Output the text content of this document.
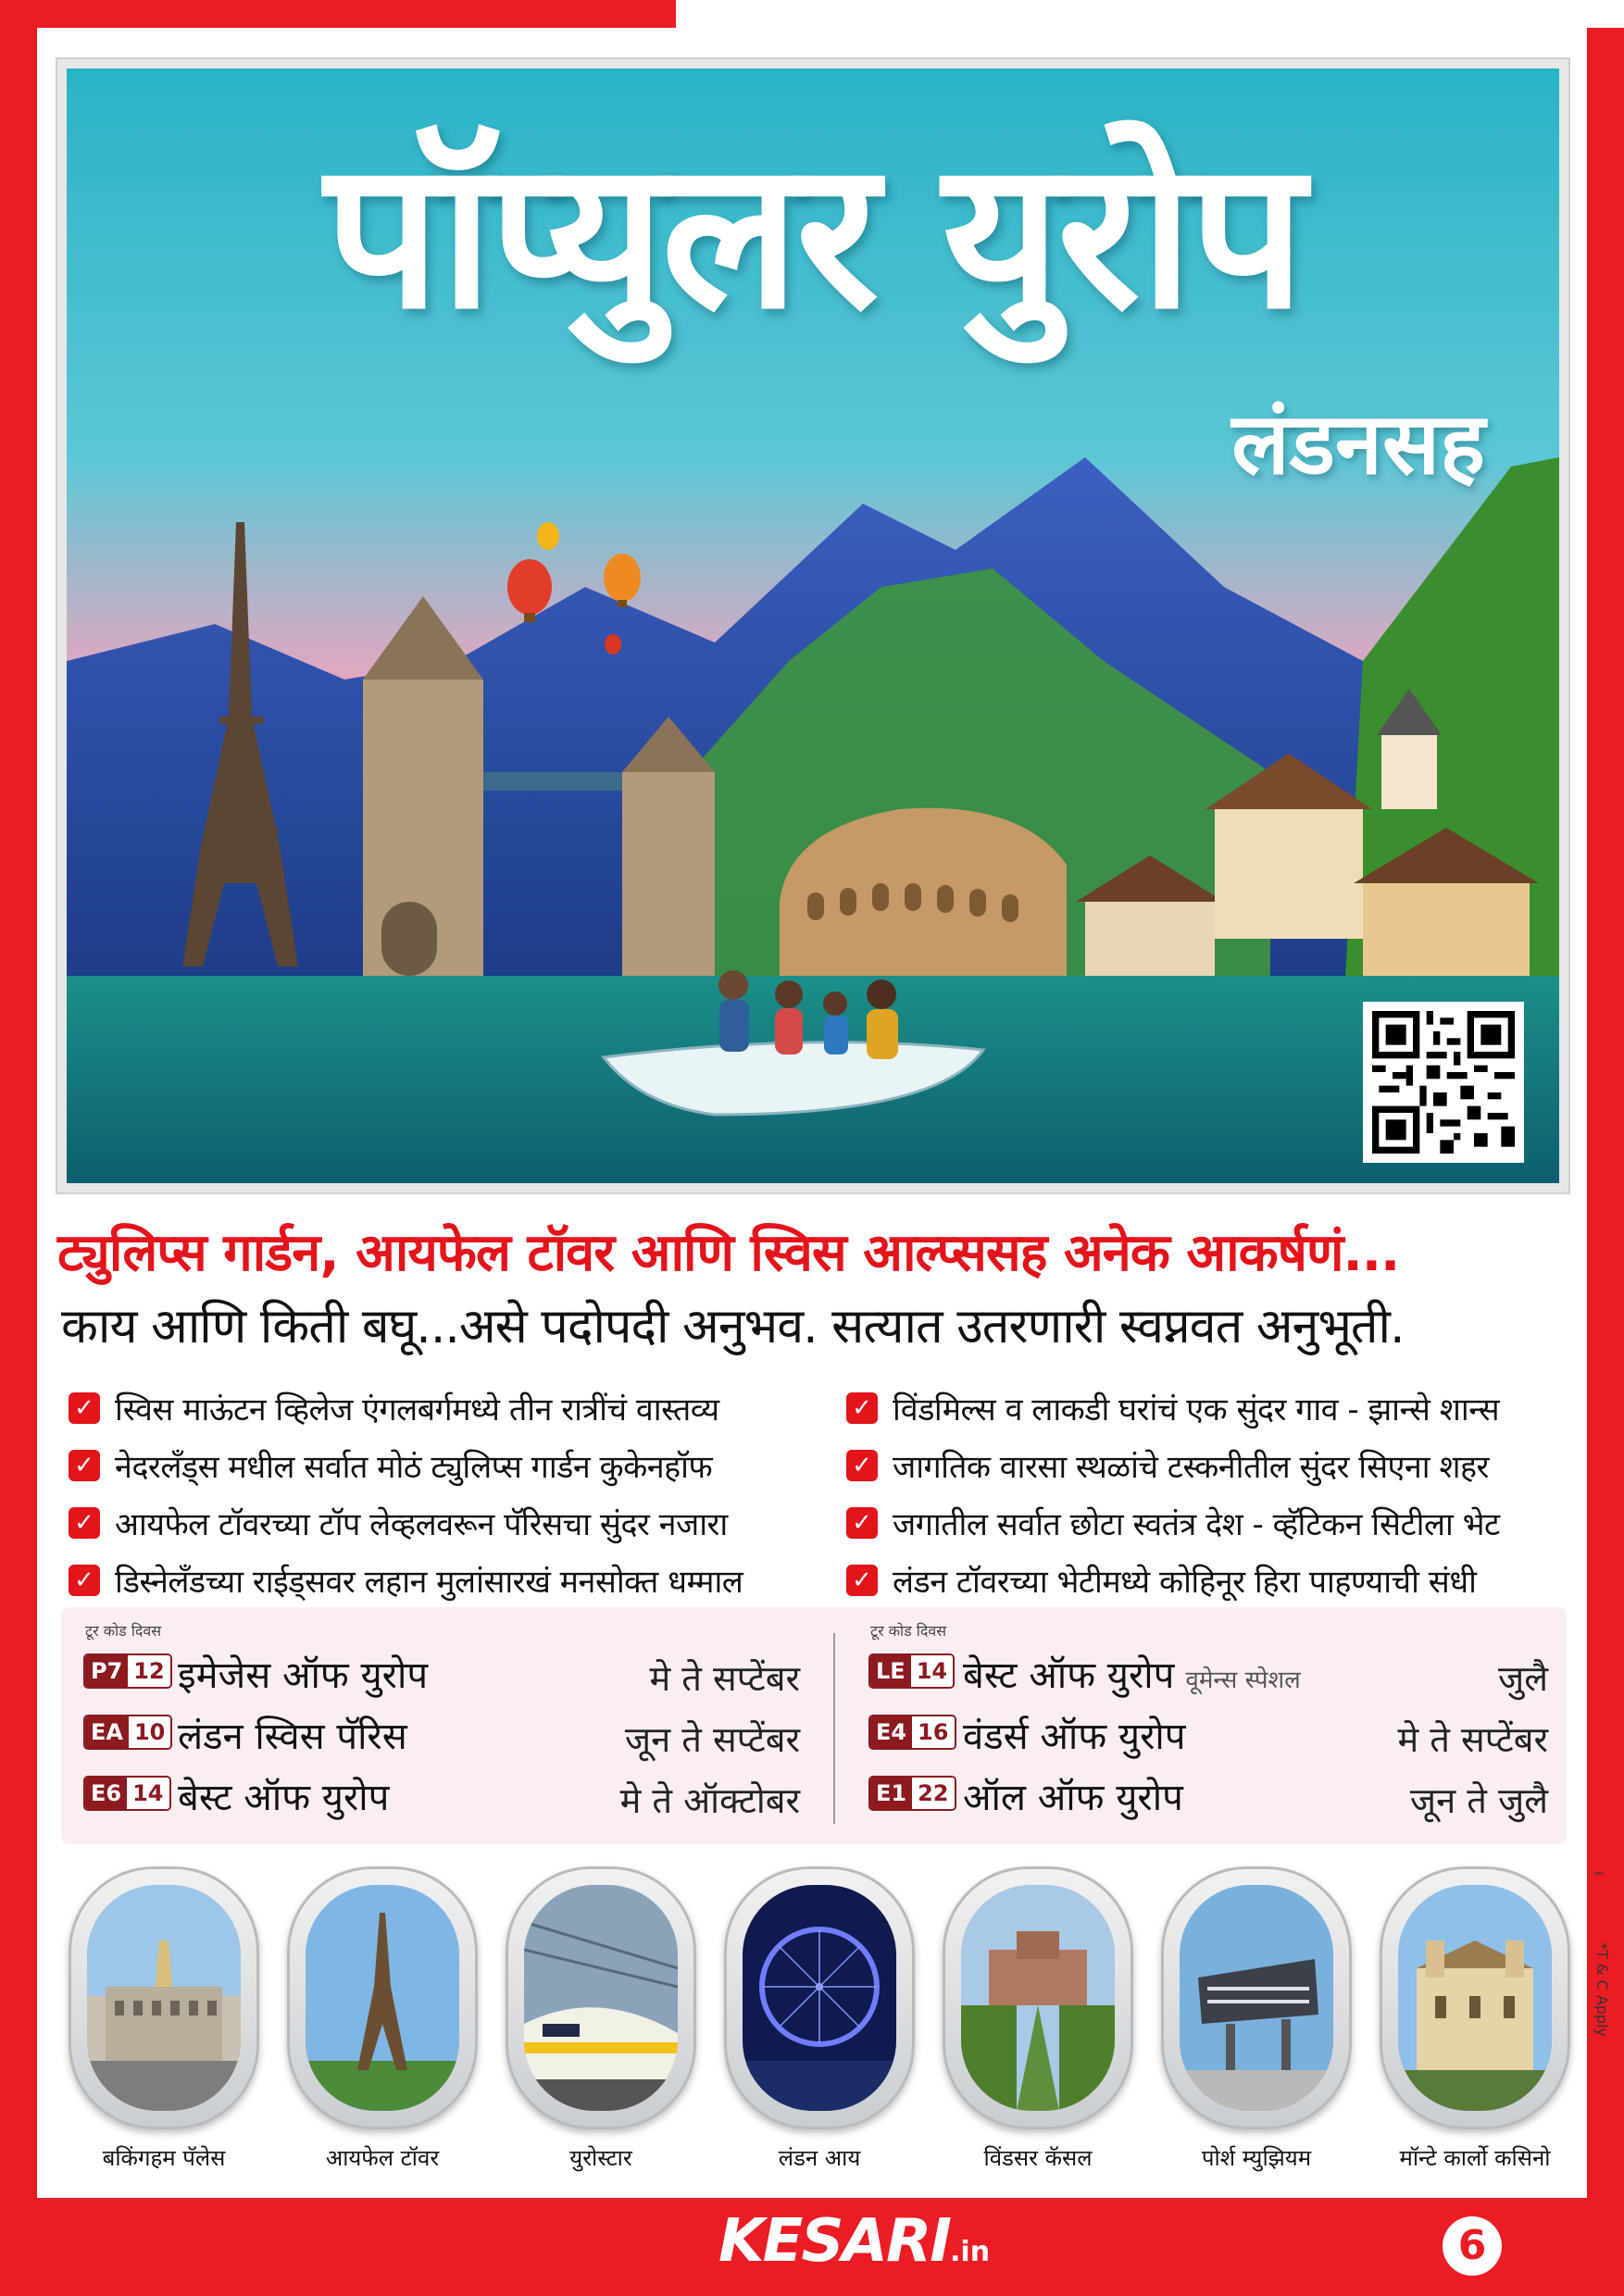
पॉप्युलर युरोप
लंडनसह
ट्युलिप्स गार्डन, आयफेल टॉवर आणि स्विस आल्प्ससह अनेक आकर्षणं...
काय आणि किती बघू...असे पदोपदी अनुभव. सत्यात उतरणारी स्वप्नवत अनुभूती.
✓ स्विस माऊंटन व्हिलेज एंगलबर्गमध्ये तीन रात्रींचं वास्तव्य	✓ विंडमिल्स व लाकडी घरांचं एक सुंदर गाव - झान्से शान्स
✓ नेदरलँड्स मधील सर्वात मोठं ट्युलिप्स गार्डन कुकेनहॉफ	✓ जागतिक वारसा स्थळांचे टस्कनीतील सुंदर सिएना शहर
✓ आयफेल टॉवरच्या टॉप लेव्हलवरून पॅरिसचा सुंदर नजारा	✓ जगातील सर्वात छोटा स्वतंत्र देश - व्हॅटिकन सिटीला भेट
✓ डिस्नेलँडच्या राईड्सवर लहान मुलांसारखं मनसोक्त धम्माल	✓ लंडन टॉवरच्या भेटीमध्ये कोहिनूर हिरा पाहण्याची संधी
टूर कोड दिवस
P7 12 इमेजेस ऑफ युरोप	मे ते सप्टेंबर
EA 10 लंडन स्विस पॅरिस	जून ते सप्टेंबर
E6 14 बेस्ट ऑफ युरोप	मे ते ऑक्टोबर
टूर कोड दिवस
LE 14 बेस्ट ऑफ युरोप वूमेन्स स्पेशल	जुलै
E4 16 वंडर्स ऑफ युरोप	मे ते सप्टेंबर
E1 22 ऑल ऑफ युरोप	जून ते जुलै
बकिंगहम पॅलेस	आयफेल टॉवर	युरोस्टार	लंडन आय	विंडसर कॅसल	पोर्श म्युझियम	मॉन्टे कार्लो कसिनो
™
*T & C Apply
KESARI.in	6
